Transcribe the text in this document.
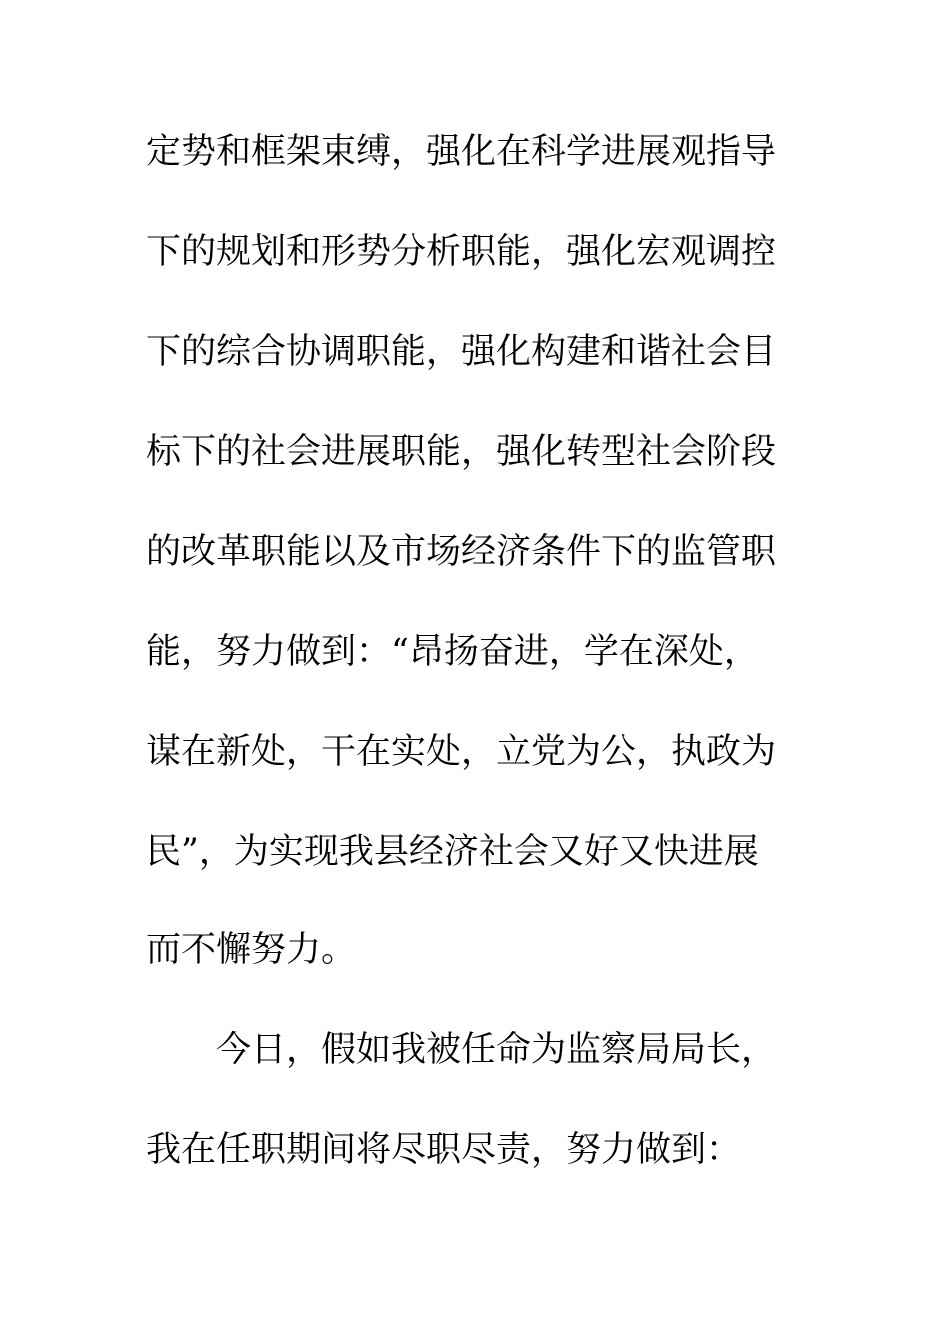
定势和框架束缚，强化在科学进展观指导
下的规划和形势分析职能，强化宏观调控
下的综合协调职能，强化构建和谐社会目
标下的社会进展职能，强化转型社会阶段
的改革职能以及市场经济条件下的监管职
能，努力做到：“昂扬奋进，学在深处，
谋在新处，干在实处，立党为公，执政为
民”，为实现我县经济社会又好又快进展
而不懈努力。
今日，假如我被任命为监察局局长，
我在任职期间将尽职尽责，努力做到：
